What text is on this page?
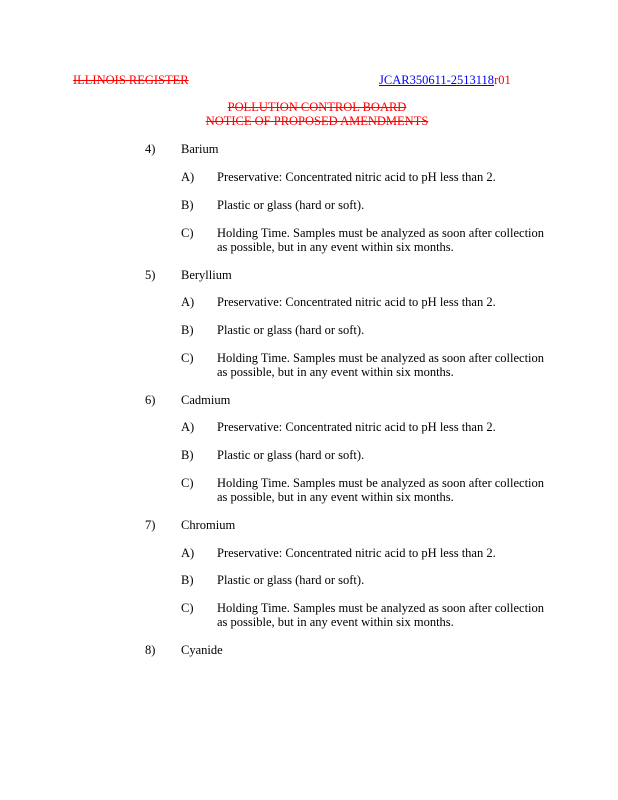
ILLINOIS REGISTER	JCAR350611-2513118r01
POLLUTION CONTROL BOARD
NOTICE OF PROPOSED AMENDMENTS
4) Barium
A) Preservative: Concentrated nitric acid to pH less than 2.
B) Plastic or glass (hard or soft).
C) Holding Time. Samples must be analyzed as soon after collection
as possible, but in any event within six months.
5) Beryllium
A) Preservative: Concentrated nitric acid to pH less than 2.
B) Plastic or glass (hard or soft).
C) Holding Time. Samples must be analyzed as soon after collection
as possible, but in any event within six months.
6) Cadmium
A) Preservative: Concentrated nitric acid to pH less than 2.
B) Plastic or glass (hard or soft).
C) Holding Time. Samples must be analyzed as soon after collection
as possible, but in any event within six months.
7) Chromium
A) Preservative: Concentrated nitric acid to pH less than 2.
B) Plastic or glass (hard or soft).
C) Holding Time. Samples must be analyzed as soon after collection
as possible, but in any event within six months.
8) Cyanide
